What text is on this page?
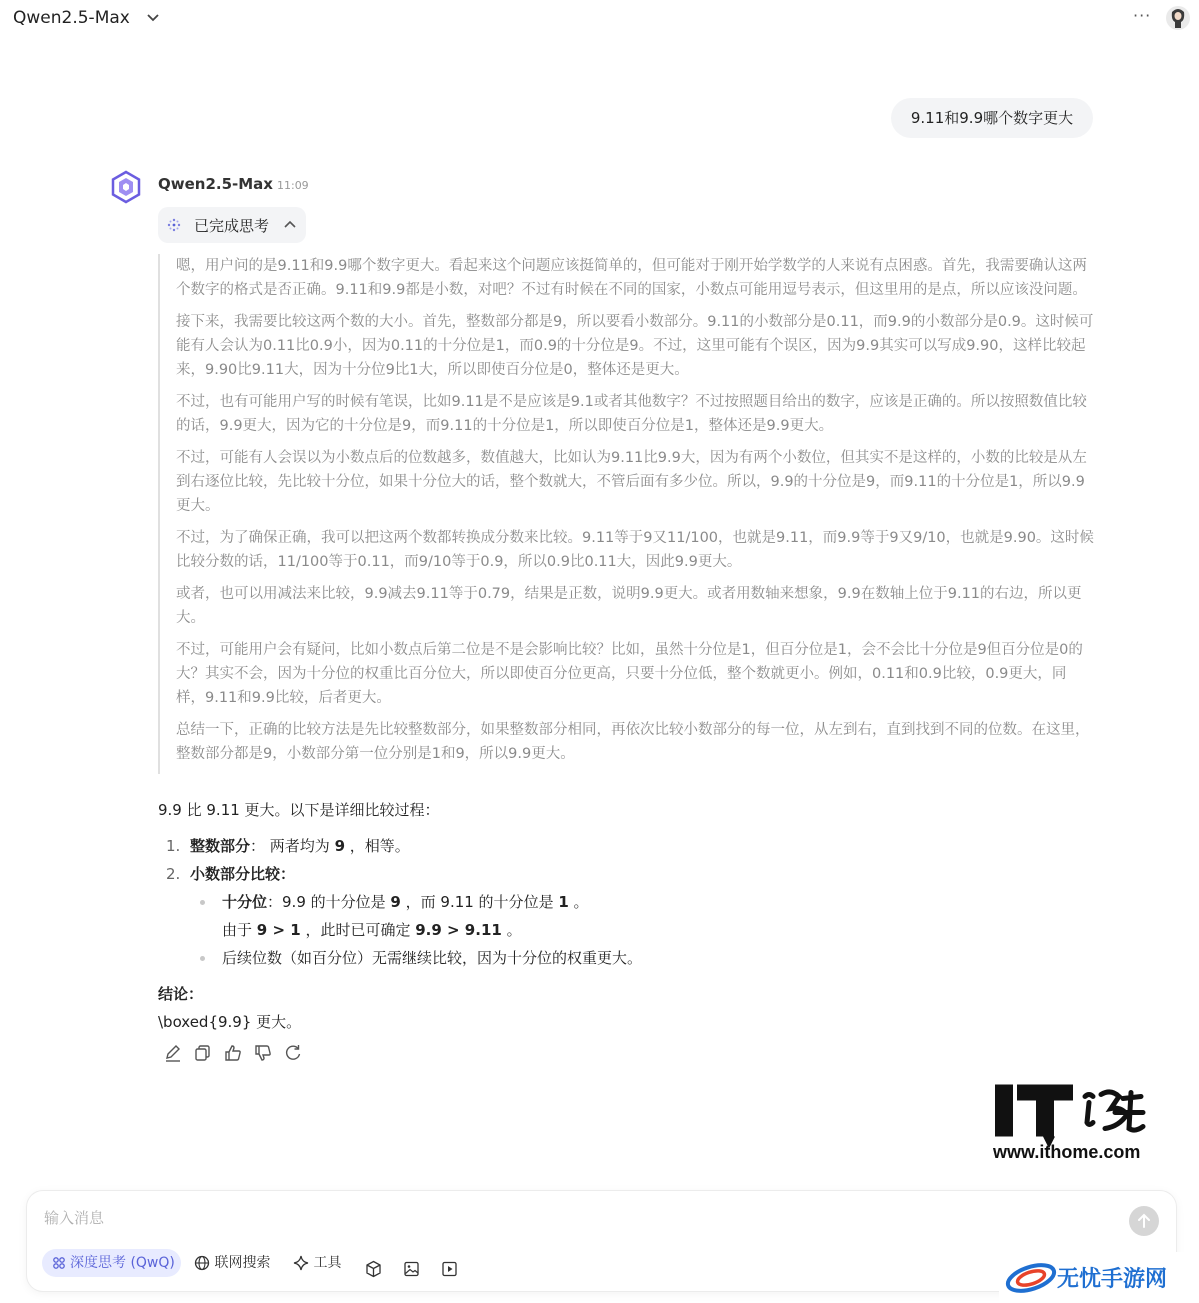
Qwen2.5-Max	···
9.11和9.9哪个数字更大
Qwen2.5-Max 11:09
已完成思考

嗯，用户问的是9.11和9.9哪个数字更大。看起来这个问题应该挺简单的，但可能对于刚开始学数学的人来说有点困惑。首先，我需要确认这两个数字的格式是否正确。9.11和9.9都是小数，对吧？不过有时候在不同的国家，小数点可能用逗号表示，但这里用的是点，所以应该没问题。

接下来，我需要比较这两个数的大小。首先，整数部分都是9，所以要看小数部分。9.11的小数部分是0.11，而9.9的小数部分是0.9。这时候可能有人会认为0.11比0.9小，因为0.11的十分位是1，而0.9的十分位是9。不过，这里可能有个误区，因为9.9其实可以写成9.90，这样比较起来，9.90比9.11大，因为十分位9比1大，所以即使百分位是0，整体还是更大。

不过，也有可能用户写的时候有笔误，比如9.11是不是应该是9.1或者其他数字？不过按照题目给出的数字，应该是正确的。所以按照数值比较的话，9.9更大，因为它的十分位是9，而9.11的十分位是1，所以即使百分位是1，整体还是9.9更大。

不过，可能有人会误以为小数点后的位数越多，数值越大，比如认为9.11比9.9大，因为有两个小数位，但其实不是这样的，小数的比较是从左到右逐位比较，先比较十分位，如果十分位大的话，整个数就大，不管后面有多少位。所以，9.9的十分位是9，而9.11的十分位是1，所以9.9更大。

不过，为了确保正确，我可以把这两个数都转换成分数来比较。9.11等于9又11/100，也就是9.11，而9.9等于9又9/10，也就是9.90。这时候比较分数的话，11/100等于0.11，而9/10等于0.9，所以0.9比0.11大，因此9.9更大。

或者，也可以用减法来比较，9.9减去9.11等于0.79，结果是正数，说明9.9更大。或者用数轴来想象，9.9在数轴上位于9.11的右边，所以更大。

不过，可能用户会有疑问，比如小数点后第二位是不是会影响比较？比如，虽然十分位是1，但百分位是1，会不会比十分位是9但百分位是0的大？其实不会，因为十分位的权重比百分位大，所以即使百分位更高，只要十分位低，整个数就更小。例如，0.11和0.9比较，0.9更大，同样，9.11和9.9比较，后者更大。

总结一下，正确的比较方法是先比较整数部分，如果整数部分相同，再依次比较小数部分的每一位，从左到右，直到找到不同的位数。在这里，整数部分都是9，小数部分第一位分别是1和9，所以9.9更大。

9.9 比 9.11 更大。以下是详细比较过程：
1. 整数部分： 两者均为 9 ，相等。
2. 小数部分比较：
十分位：9.9 的十分位是 9 ，而 9.11 的十分位是 1 。
由于 9 > 1 ，此时已可确定 9.9 > 9.11 。
后续位数（如百分位）无需继续比较，因为十分位的权重更大。
结论：
\boxed{9.9} 更大。
www.ithome.com
输入消息
深度思考 (QwQ)	联网搜索	工具
无忧手游网
